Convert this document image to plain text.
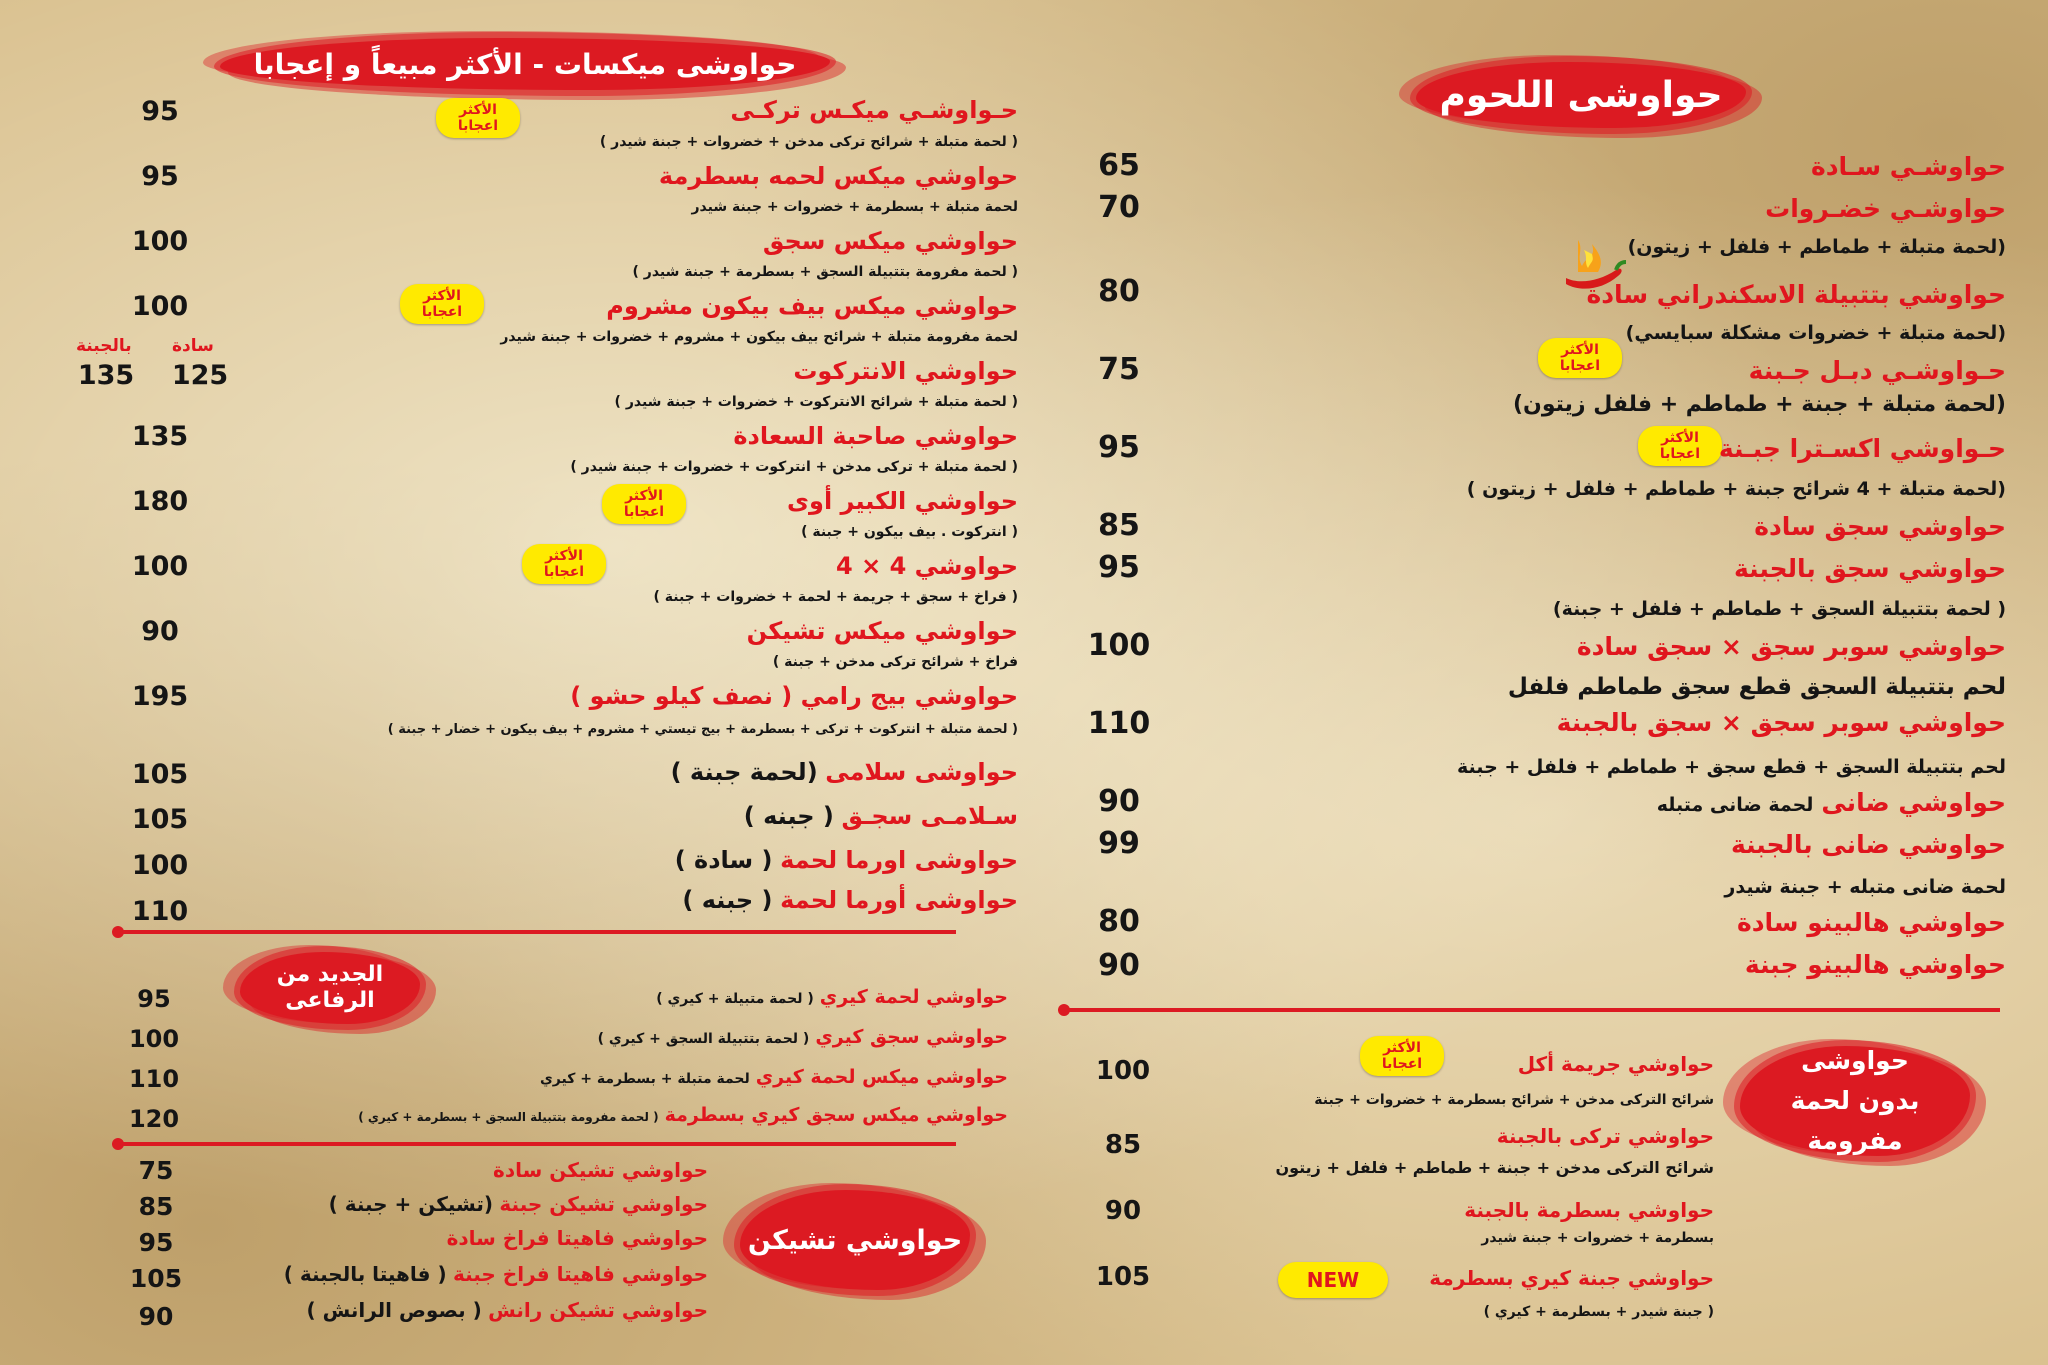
حواوشى ميكسات - الأكثر مبيعاً و إعجابا
حـواوشـي ميكـس تركـى
( لحمة متبلة + شرائح تركى مدخن + خضروات + جبنة شيدر )
95	الأكثر اعجابا
حواوشي ميكس لحمه بسطرمة
لحمة متبلة + بسطرمة + خضروات + جبنة شيدر
95
حواوشي ميكس سجق
( لحمة مفرومة بتتبيلة السجق + بسطرمة + جبنة شيدر )
100
حواوشي ميكس بيف بيكون مشروم
لحمة مفرومة متبلة + شرائح بيف بيكون + مشروم + خضروات + جبنة شيدر
100	الأكثر اعجابا
حواوشي الانتركوت
( لحمة متبلة + شرائح الانتركوت + خضروات + جبنة شيدر )
بالجبنة سادة
135	125
حواوشي صاحبة السعادة
( لحمة متبلة + تركى مدخن + انتركوت + خضروات + جبنة شيدر )
135
حواوشي الكبير أوى
( انتركوت . بيف بيكون + جبنة )
180	الأكثر اعجابا
حواوشي 4 × 4
( فراخ + سجق + جريمة + لحمة + خضروات + جبنة )
100	الأكثر اعجابا
حواوشي ميكس تشيكن
فراخ + شرائح تركى مدخن + جبنة )
90
حواوشي بيج رامي ( نصف كيلو حشو )
( لحمة متبلة + انتركوت + تركى + بسطرمة + بيج تيستي + مشروم + بيف بيكون + خضار + جبنة )
195
حواوشى سلامى (لحمة جبنة )
105
سـلامـى سجـق ( جبنه )
105
حواوشى اورما لحمة ( سادة )
100
حواوشى أورما لحمة ( جبنه )
110
الجديد من الرفاعى	حواوشي لحمة كيري ( لحمة متبيلة + كيري )
95
حواوشي سجق كيري ( لحمة بتتبيلة السجق + كيري )
100
حواوشي ميكس لحمة كيري لحمة متبلة + بسطرمة + كيري
110
حواوشي ميكس سجق كيري بسطرمة ( لحمة مفرومة بتتبيلة السجق + بسطرمة + كيري )
120
حواوشي تشيكن
حواوشي تشيكن سادة
75
حواوشي تشيكن جبنة (تشيكن + جبنة )
85
حواوشي فاهيتا فراخ سادة
95
حواوشي فاهيتا فراخ جبنة ( فاهيتا بالجبنة )
105
حواوشي تشيكن رانش ( بصوص الرانش )
90
حواوشى اللحوم
حواوشـي سـادة
65
حواوشـي خضـروات
(لحمة متبلة + طماطم + فلفل + زيتون)
70
حواوشي بتتبيلة الاسكندراني سادة
(لحمة متبلة + خضروات مشكلة سبايسي)
80
الأكثر اعجابا	حـواوشـي دبـل جـبنة
(لحمة متبلة + جبنة + طماطم + فلفل زيتون)
75
الأكثر اعجابا حـواوشي اكسـترا جبـنة
(لحمة متبلة + 4 شرائح جبنة + طماطم + فلفل + زيتون )
95
حواوشي سجق سادة
85
حواوشي سجق بالجبنة
( لحمة بتتبيلة السجق + طماطم + فلفل + جبنة)
95
حواوشي سوبر سجق × سجق سادة
لحم بتتبيلة السجق قطع سجق طماطم فلفل
100
حواوشي سوبر سجق × سجق بالجبنة
لحم بتتبيلة السجق + قطع سجق + طماطم + فلفل + جبنة
110
حواوشي ضانى لحمة ضانى متبله
90
حواوشي ضانى بالجبنة
لحمة ضانى متبله + جبنة شيدر
99
حواوشي هالبينو سادة
80
حواوشي هالبينو جبنة
90
حواوشى
بدون لحمة مفرومة
الأكثر اعجابا	حواوشي جريمة أكل
شرائح التركى مدخن + شرائح بسطرمة + خضروات + جبنة
100
حواوشي تركى بالجبنة
شرائح التركى مدخن + جبنة + طماطم + فلفل + زيتون
85
حواوشي بسطرمة بالجبنة
بسطرمة + خضروات + جبنة شيدر
90
NEW	حواوشي جبنة كيري بسطرمة
( جبنة شيدر + بسطرمة + كيري )
105
